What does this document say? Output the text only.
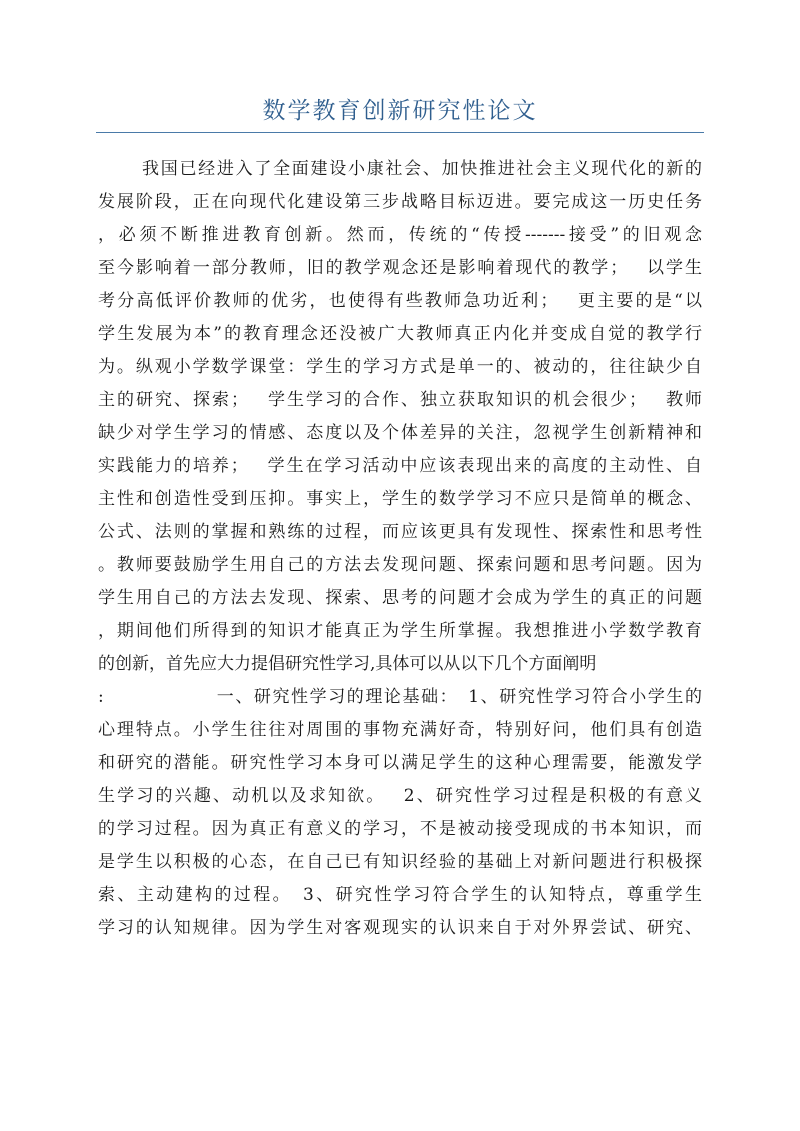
数学教育创新研究性论文
我国已经进入了全面建设小康社会、加快推进社会主义现代化的新的
发展阶段，正在向现代化建设第三步战略目标迈进。要完成这一历史任务
，必须不断推进教育创新。然而，传统的“传授-------接受”的旧观念
至今影响着一部分教师，旧的教学观念还是影响着现代的教学；　 以学生
考分高低评价教师的优劣，也使得有些教师急功近利；　 更主要的是“以
学生发展为本”的教育理念还没被广大教师真正内化并变成自觉的教学行
为。纵观小学数学课堂：学生的学习方式是单一的、被动的，往往缺少自
主的研究、探索；　 学生学习的合作、独立获取知识的机会很少；　 教师
缺少对学生学习的情感、态度以及个体差异的关注，忽视学生创新精神和
实践能力的培养；　 学生在学习活动中应该表现出来的高度的主动性、自
主性和创造性受到压抑。事实上，学生的数学学习不应只是简单的概念、
公式、法则的掌握和熟练的过程，而应该更具有发现性、探索性和思考性
。教师要鼓励学生用自己的方法去发现问题、探索问题和思考问题。因为
学生用自己的方法去发现、探索、思考的问题才会成为学生的真正的问题
，期间他们所得到的知识才能真正为学生所掌握。我想推进小学数学教育
的创新，首先应大力提倡研究性学习,具体可以从以下几个方面阐明
:　　　　　　一、研究性学习的理论基础：　1、研究性学习符合小学生的
心理特点。小学生往往对周围的事物充满好奇，特别好问，他们具有创造
和研究的潜能。研究性学习本身可以满足学生的这种心理需要，能激发学
生学习的兴趣、动机以及求知欲。　 2、研究性学习过程是积极的有意义
的学习过程。因为真正有意义的学习，不是被动接受现成的书本知识，而
是学生以积极的心态，在自己已有知识经验的基础上对新问题进行积极探
索、主动建构的过程。　3、研究性学习符合学生的认知特点，尊重学生
学习的认知规律。因为学生对客观现实的认识来自于对外界尝试、研究、
